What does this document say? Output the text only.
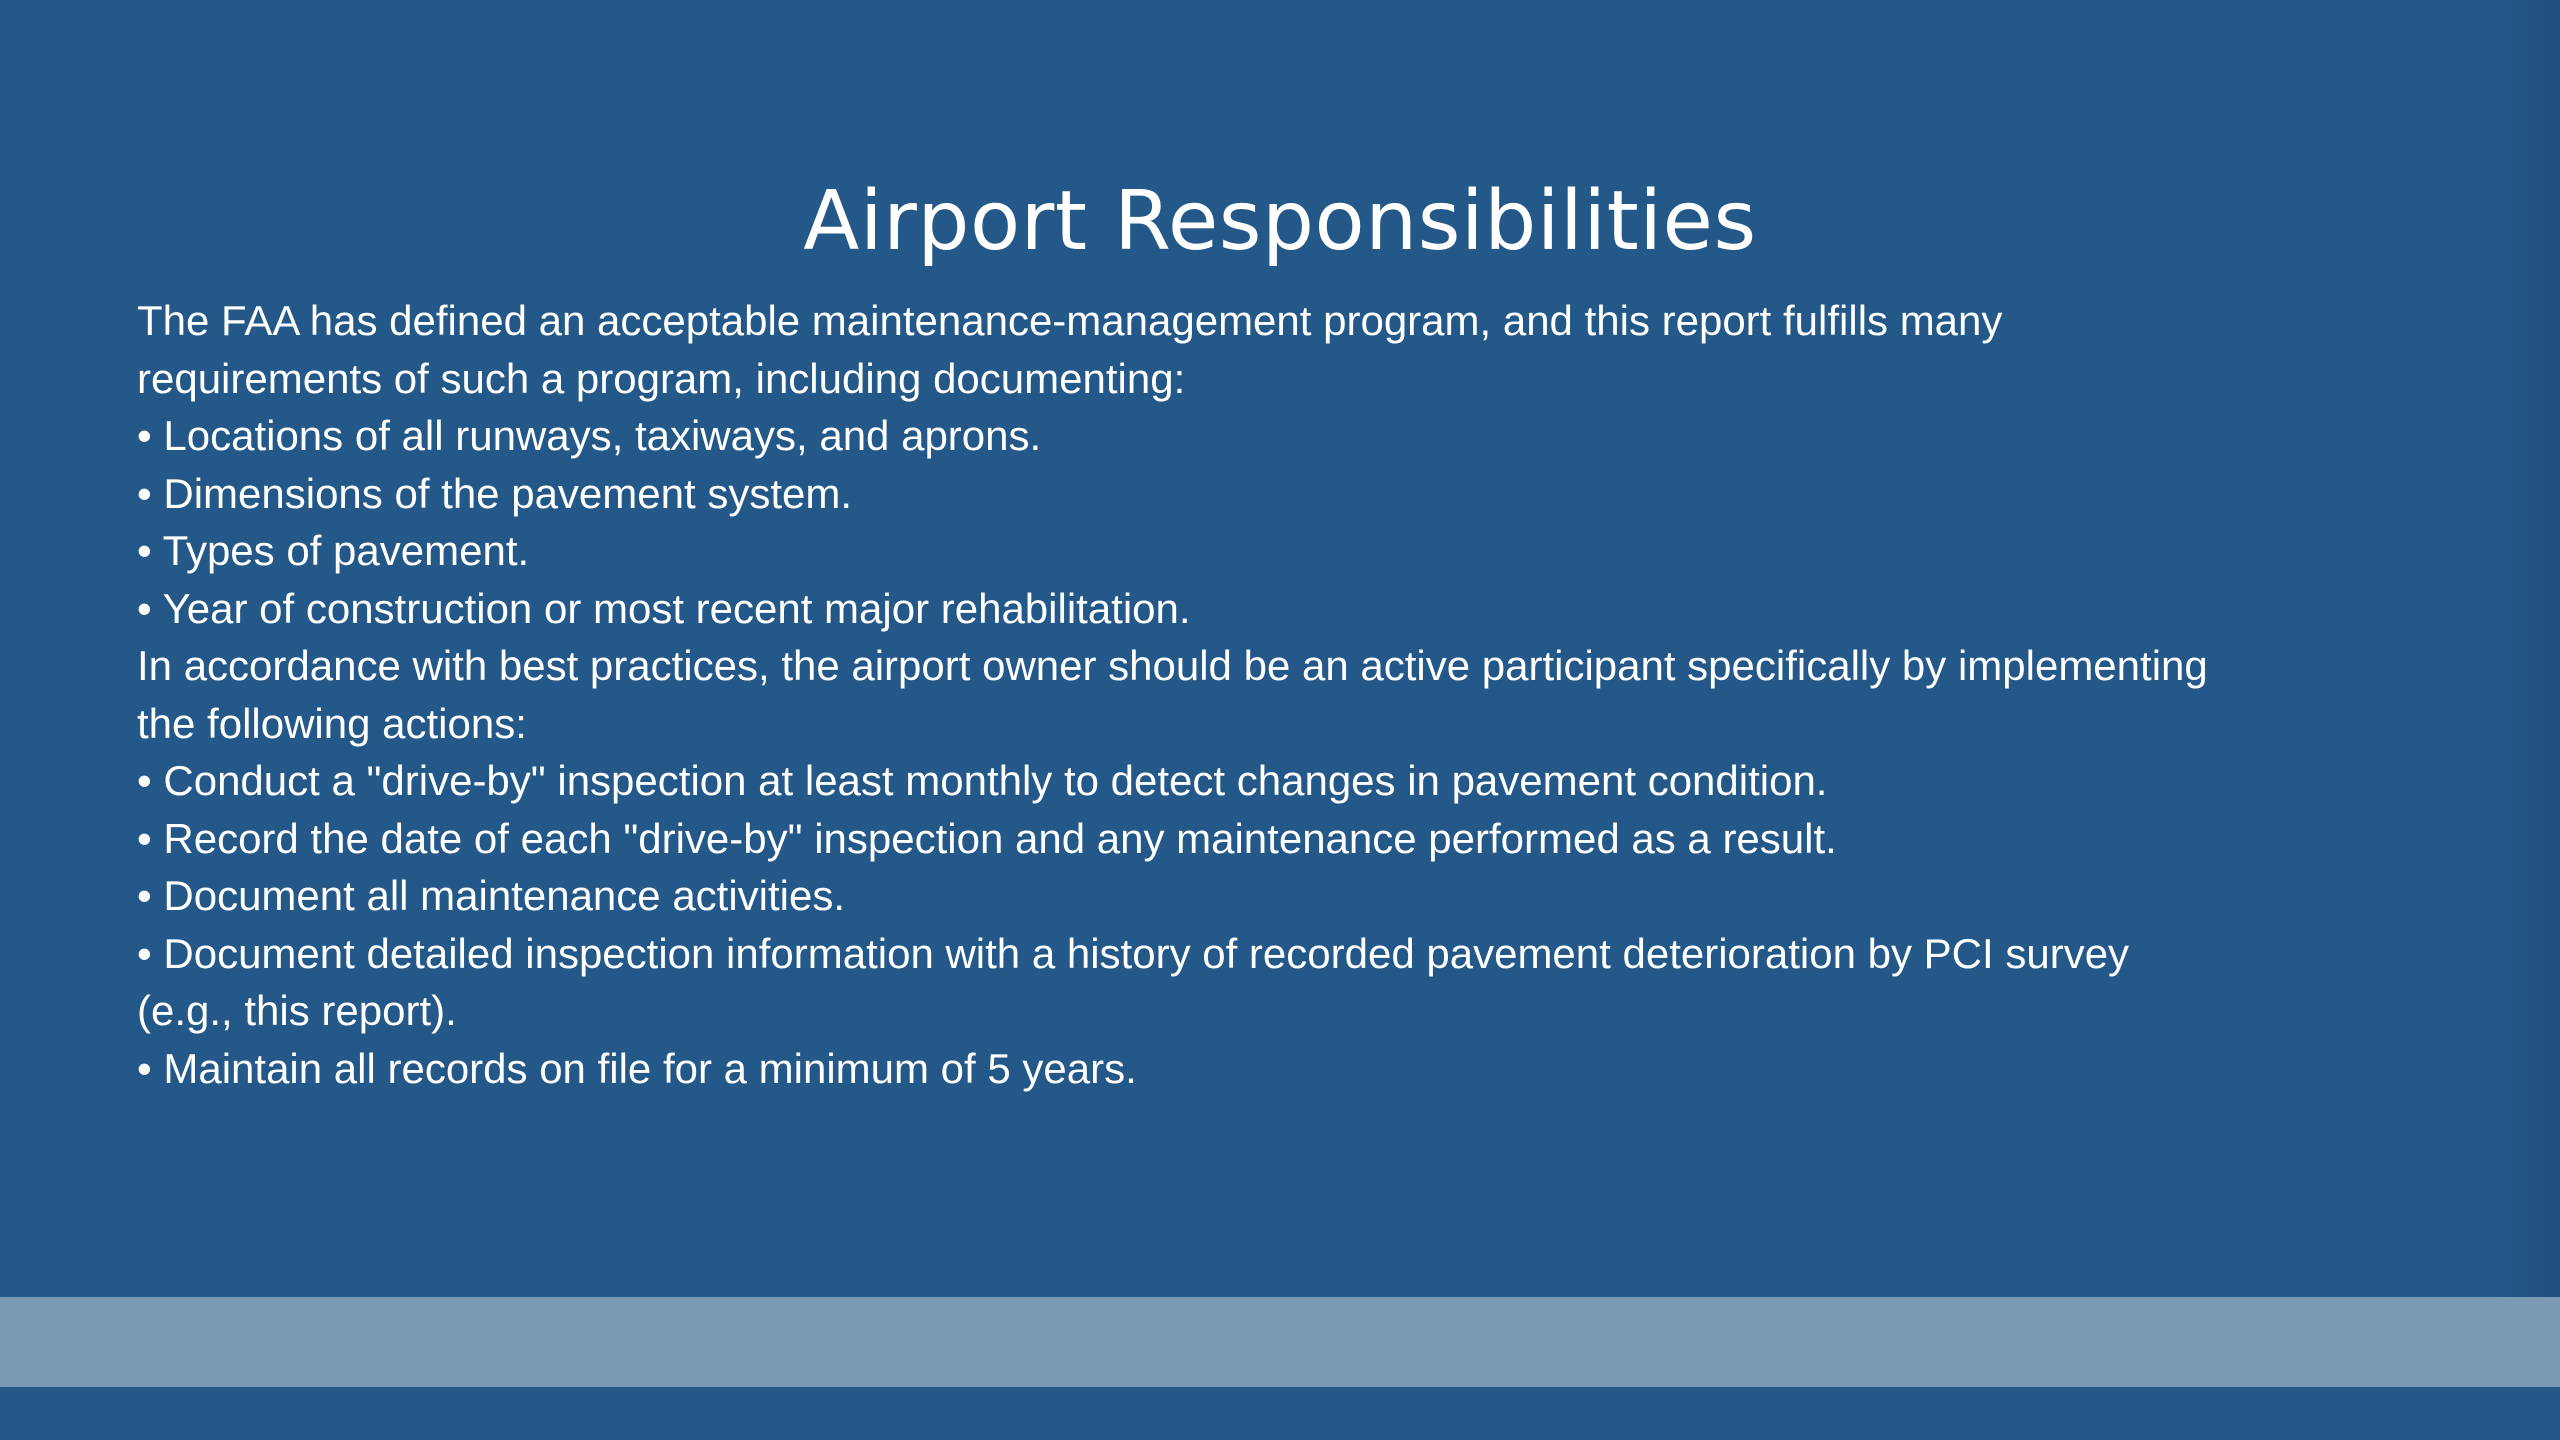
Airport Responsibilities

The FAA has defined an acceptable maintenance-management program, and this report fulfills many requirements of such a program, including documenting:

• Locations of all runways, taxiways, and aprons.

• Dimensions of the pavement system.

• Types of pavement.

• Year of construction or most recent major rehabilitation.

In accordance with best practices, the airport owner should be an active participant specifically by implementing the following actions:

• Conduct a "drive-by" inspection at least monthly to detect changes in pavement condition.

• Record the date of each "drive-by" inspection and any maintenance performed as a result.

• Document all maintenance activities.

• Document detailed inspection information with a history of recorded pavement deterioration by PCI survey (e.g., this report).

• Maintain all records on file for a minimum of 5 years.
